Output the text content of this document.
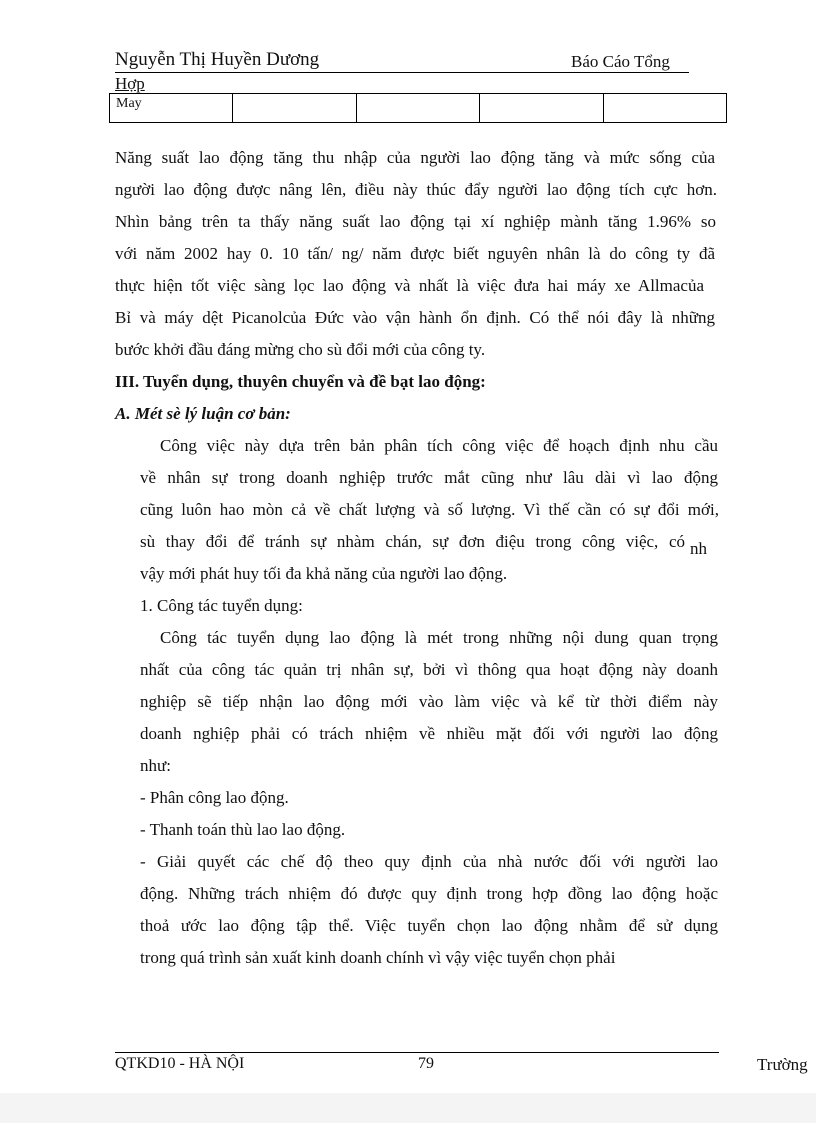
Nguyễn Thị Huyền Dương	Báo Cáo Tổng
Hợp
May				
Năng suất lao động tăng thu nhập của người lao động tăng và mức sống của
người lao động được nâng lên, điều này thúc đẩy người lao động tích cực hơn.
Nhìn bảng trên ta thấy năng suất lao động tại xí nghiệp mành tăng 1.96% so
với năm 2002 hay 0. 10 tấn/ ng/ năm được biết nguyên nhân là do công ty đã
thực hiện tốt việc sàng lọc lao động và nhất là việc đưa hai máy xe Allmacủa
Bỉ và máy dệt Picanolcủa Đức vào vận hành ổn định. Có thể nói đây là những
bước khởi đầu đáng mừng cho sù đổi mới của công ty.
III. Tuyển dụng, thuyên chuyển và đề bạt lao động:
A. Mét sè lý luận cơ bản:
Công việc này dựa trên bản phân tích công việc để hoạch định nhu cầu
về nhân sự trong doanh nghiệp trước mắt cũng như lâu dài vì lao động
cũng luôn hao mòn cả về chất lượng và số lượng. Vì thế cần có sự đổi mới,
sù thay đổi để tránh sự nhàm chán, sự đơn điệu trong công việc, có nh
vậy mới phát huy tối đa khả năng của người lao động.
1. Công tác tuyển dụng:
Công tác tuyển dụng lao động là mét trong những nội dung quan trọng
nhất của công tác quản trị nhân sự, bởi vì thông qua hoạt động này doanh
nghiệp sẽ tiếp nhận lao động mới vào làm việc và kể từ thời điểm này
doanh nghiệp phải có trách nhiệm về nhiều mặt đối với người lao động
như:
- Phân công lao động.
- Thanh toán thù lao lao động.
- Giải quyết các chế độ theo quy định của nhà nước đối với người lao
động. Những trách nhiệm đó được quy định trong hợp đồng lao động hoặc
thoả ước lao động tập thể. Việc tuyển chọn lao động nhằm để sử dụng
trong quá trình sản xuất kinh doanh chính vì vậy việc tuyển chọn phải
QTKD10 - HÀ NỘI	79	Trường
